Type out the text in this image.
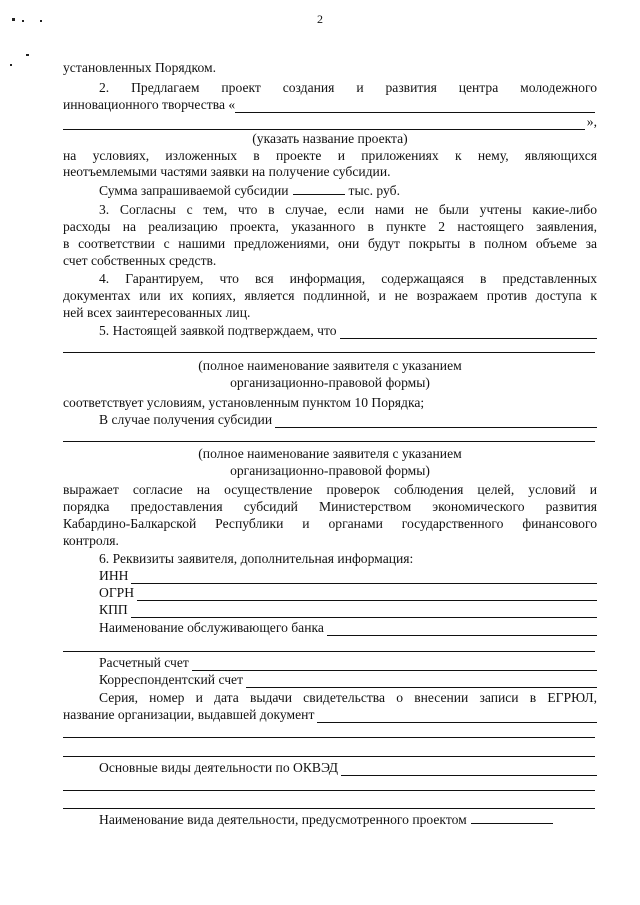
2
установленных Порядком.
2. Предлагаем проект создания и развития центра молодежного
инновационного творчества «
»,
(указать название проекта)
на условиях, изложенных в проекте и приложениях к нему, являющихся
неотъемлемыми частями заявки на получение субсидии.
Сумма запрашиваемой субсидии	тыс. руб.
3. Согласны с тем, что в случае, если нами не были учтены какие-либо
расходы на реализацию проекта, указанного в пункте 2 настоящего заявления,
в соответствии с нашими предложениями, они будут покрыты в полном объеме за
счет собственных средств.
4. Гарантируем, что вся информация, содержащаяся в представленных
документах или их копиях, является подлинной, и не возражаем против доступа к
ней всех заинтересованных лиц.
5. Настоящей заявкой подтверждаем, что
(полное наименование заявителя с указанием
организационно-правовой формы)
соответствует условиям, установленным пунктом 10 Порядка;
В случае получения субсидии
(полное наименование заявителя с указанием
организационно-правовой формы)
выражает согласие на осуществление проверок соблюдения целей, условий и
порядка предоставления субсидий Министерством экономического развития
Кабардино-Балкарской Республики и органами государственного финансового
контроля.
6. Реквизиты заявителя, дополнительная информация:
ИНН
ОГРН
КПП
Наименование обслуживающего банка
Расчетный счет
Корреспондентский счет
Серия, номер и дата выдачи свидетельства о внесении записи в ЕГРЮЛ,
название организации, выдавшей документ
Основные виды деятельности по ОКВЭД
Наименование вида деятельности, предусмотренного проектом
